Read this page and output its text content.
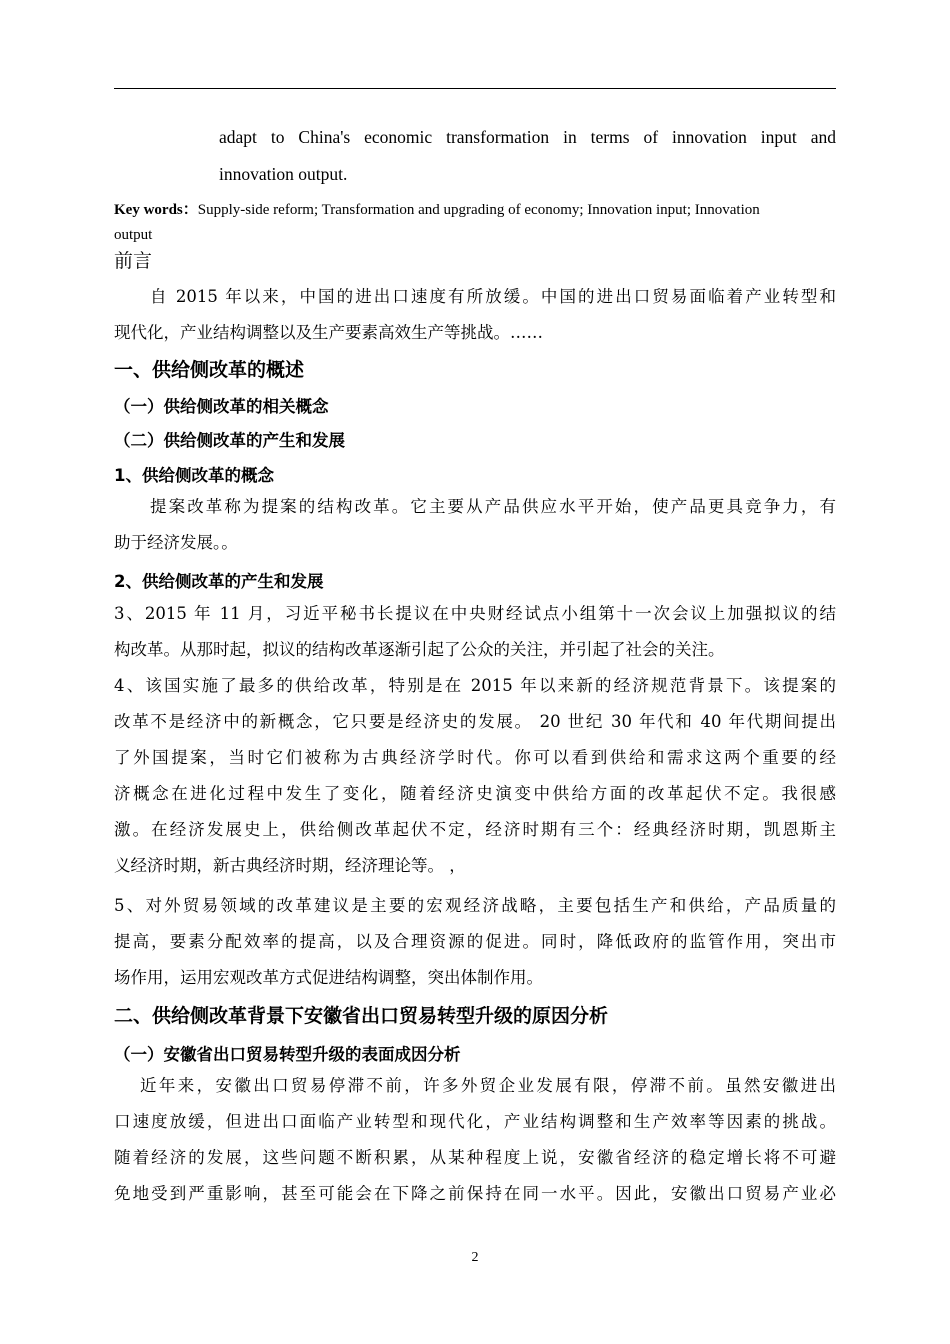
adapt to China's economic transformation in terms of innovation input and
innovation output.
Key words：Supply-side reform; Transformation and upgrading of economy; Innovation input; Innovation
output
前言
自 2015 年以来，中国的进出口速度有所放缓。中国的进出口贸易面临着产业转型和
现代化，产业结构调整以及生产要素高效生产等挑战。……
一、供给侧改革的概述
（一）供给侧改革的相关概念
（二）供给侧改革的产生和发展
1、供给侧改革的概念
提案改革称为提案的结构改革。它主要从产品供应水平开始，使产品更具竞争力，有
助于经济发展。。
2、供给侧改革的产生和发展
3、2015 年 11 月，习近平秘书长提议在中央财经试点小组第十一次会议上加强拟议的结
构改革。从那时起，拟议的结构改革逐渐引起了公众的关注，并引起了社会的关注。
4、该国实施了最多的供给改革，特别是在 2015 年以来新的经济规范背景下。该提案的
改革不是经济中的新概念，它只要是经济史的发展。 20 世纪 30 年代和 40 年代期间提出
了外国提案，当时它们被称为古典经济学时代。你可以看到供给和需求这两个重要的经
济概念在进化过程中发生了变化，随着经济史演变中供给方面的改革起伏不定。我很感
激。在经济发展史上，供给侧改革起伏不定，经济时期有三个：经典经济时期，凯恩斯主
义经济时期，新古典经济时期，经济理论等。 ，
5、对外贸易领域的改革建议是主要的宏观经济战略，主要包括生产和供给，产品质量的
提高，要素分配效率的提高，以及合理资源的促进。同时，降低政府的监管作用，突出市
场作用，运用宏观改革方式促进结构调整，突出体制作用。
二、供给侧改革背景下安徽省出口贸易转型升级的原因分析
（一）安徽省出口贸易转型升级的表面成因分析
近年来，安徽出口贸易停滞不前，许多外贸企业发展有限，停滞不前。虽然安徽进出
口速度放缓，但进出口面临产业转型和现代化，产业结构调整和生产效率等因素的挑战。
随着经济的发展，这些问题不断积累，从某种程度上说，安徽省经济的稳定增长将不可避
免地受到严重影响，甚至可能会在下降之前保持在同一水平。因此，安徽出口贸易产业必
2
